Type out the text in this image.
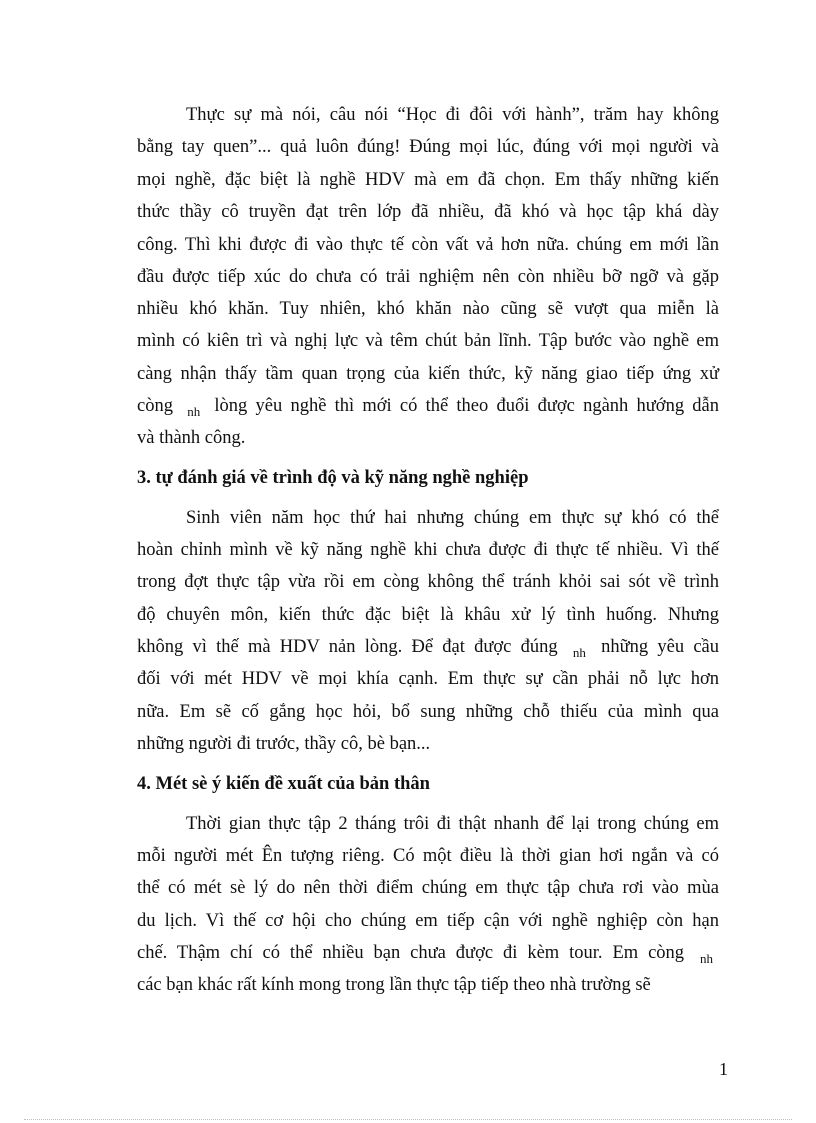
Thực sự mà nói, câu nói “Học đi đôi với hành”, trăm hay không
bằng tay quen”... quả luôn đúng! Đúng mọi lúc, đúng với mọi người và
mọi nghề, đặc biệt là nghề HDV mà em đã chọn. Em thấy những kiến
thức thầy cô truyền đạt trên lớp đã nhiều, đã khó và học tập khá dày
công. Thì khi được đi vào thực tế còn vất vả hơn nữa. chúng em mới lần
đầu được tiếp xúc do chưa có trải nghiệm nên còn nhiều bỡ ngỡ và gặp
nhiều khó khăn. Tuy nhiên, khó khăn nào cũng sẽ vượt qua miễn là
mình có kiên trì và nghị lực và têm chút bản lĩnh. Tập bước vào nghề em
càng nhận thấy tầm quan trọng của kiến thức, kỹ năng giao tiếp ứng xử
còng $_{nh}$ lòng yêu nghề thì mới có thể theo đuổi được ngành hướng dẫn
và thành công.
3. tự đánh giá về trình độ và kỹ năng nghề nghiệp
Sinh viên năm học thứ hai nhưng chúng em thực sự khó có thể
hoàn chỉnh mình về kỹ năng nghề khi chưa được đi thực tế nhiều. Vì thế
trong đợt thực tập vừa rồi em còng không thể tránh khỏi sai sót về trình
độ chuyên môn, kiến thức đặc biệt là khâu xử lý tình huống. Nhưng
không vì thế mà HDV nản lòng. Để đạt được đúng $_{nh}$ những yêu cầu
đối với mét HDV về mọi khía cạnh. Em thực sự cần phải nỗ lực hơn
nữa. Em sẽ cố gắng học hỏi, bổ sung những chỗ thiếu của mình qua
những người đi trước, thầy cô, bè bạn...
4. Mét sè ý kiến đề xuất của bản thân
Thời gian thực tập 2 tháng trôi đi thật nhanh để lại trong chúng em
mỗi người mét Ên tượng riêng. Có một điều là thời gian hơi ngắn và có
thể có mét sè lý do nên thời điểm chúng em thực tập chưa rơi vào mùa
du lịch. Vì thế cơ hội cho chúng em tiếp cận với nghề nghiệp còn hạn
chế. Thậm chí có thể nhiều bạn chưa được đi kèm tour. Em còng $_{nh}$
các bạn khác rất kính mong trong lần thực tập tiếp theo nhà trường sẽ
1
